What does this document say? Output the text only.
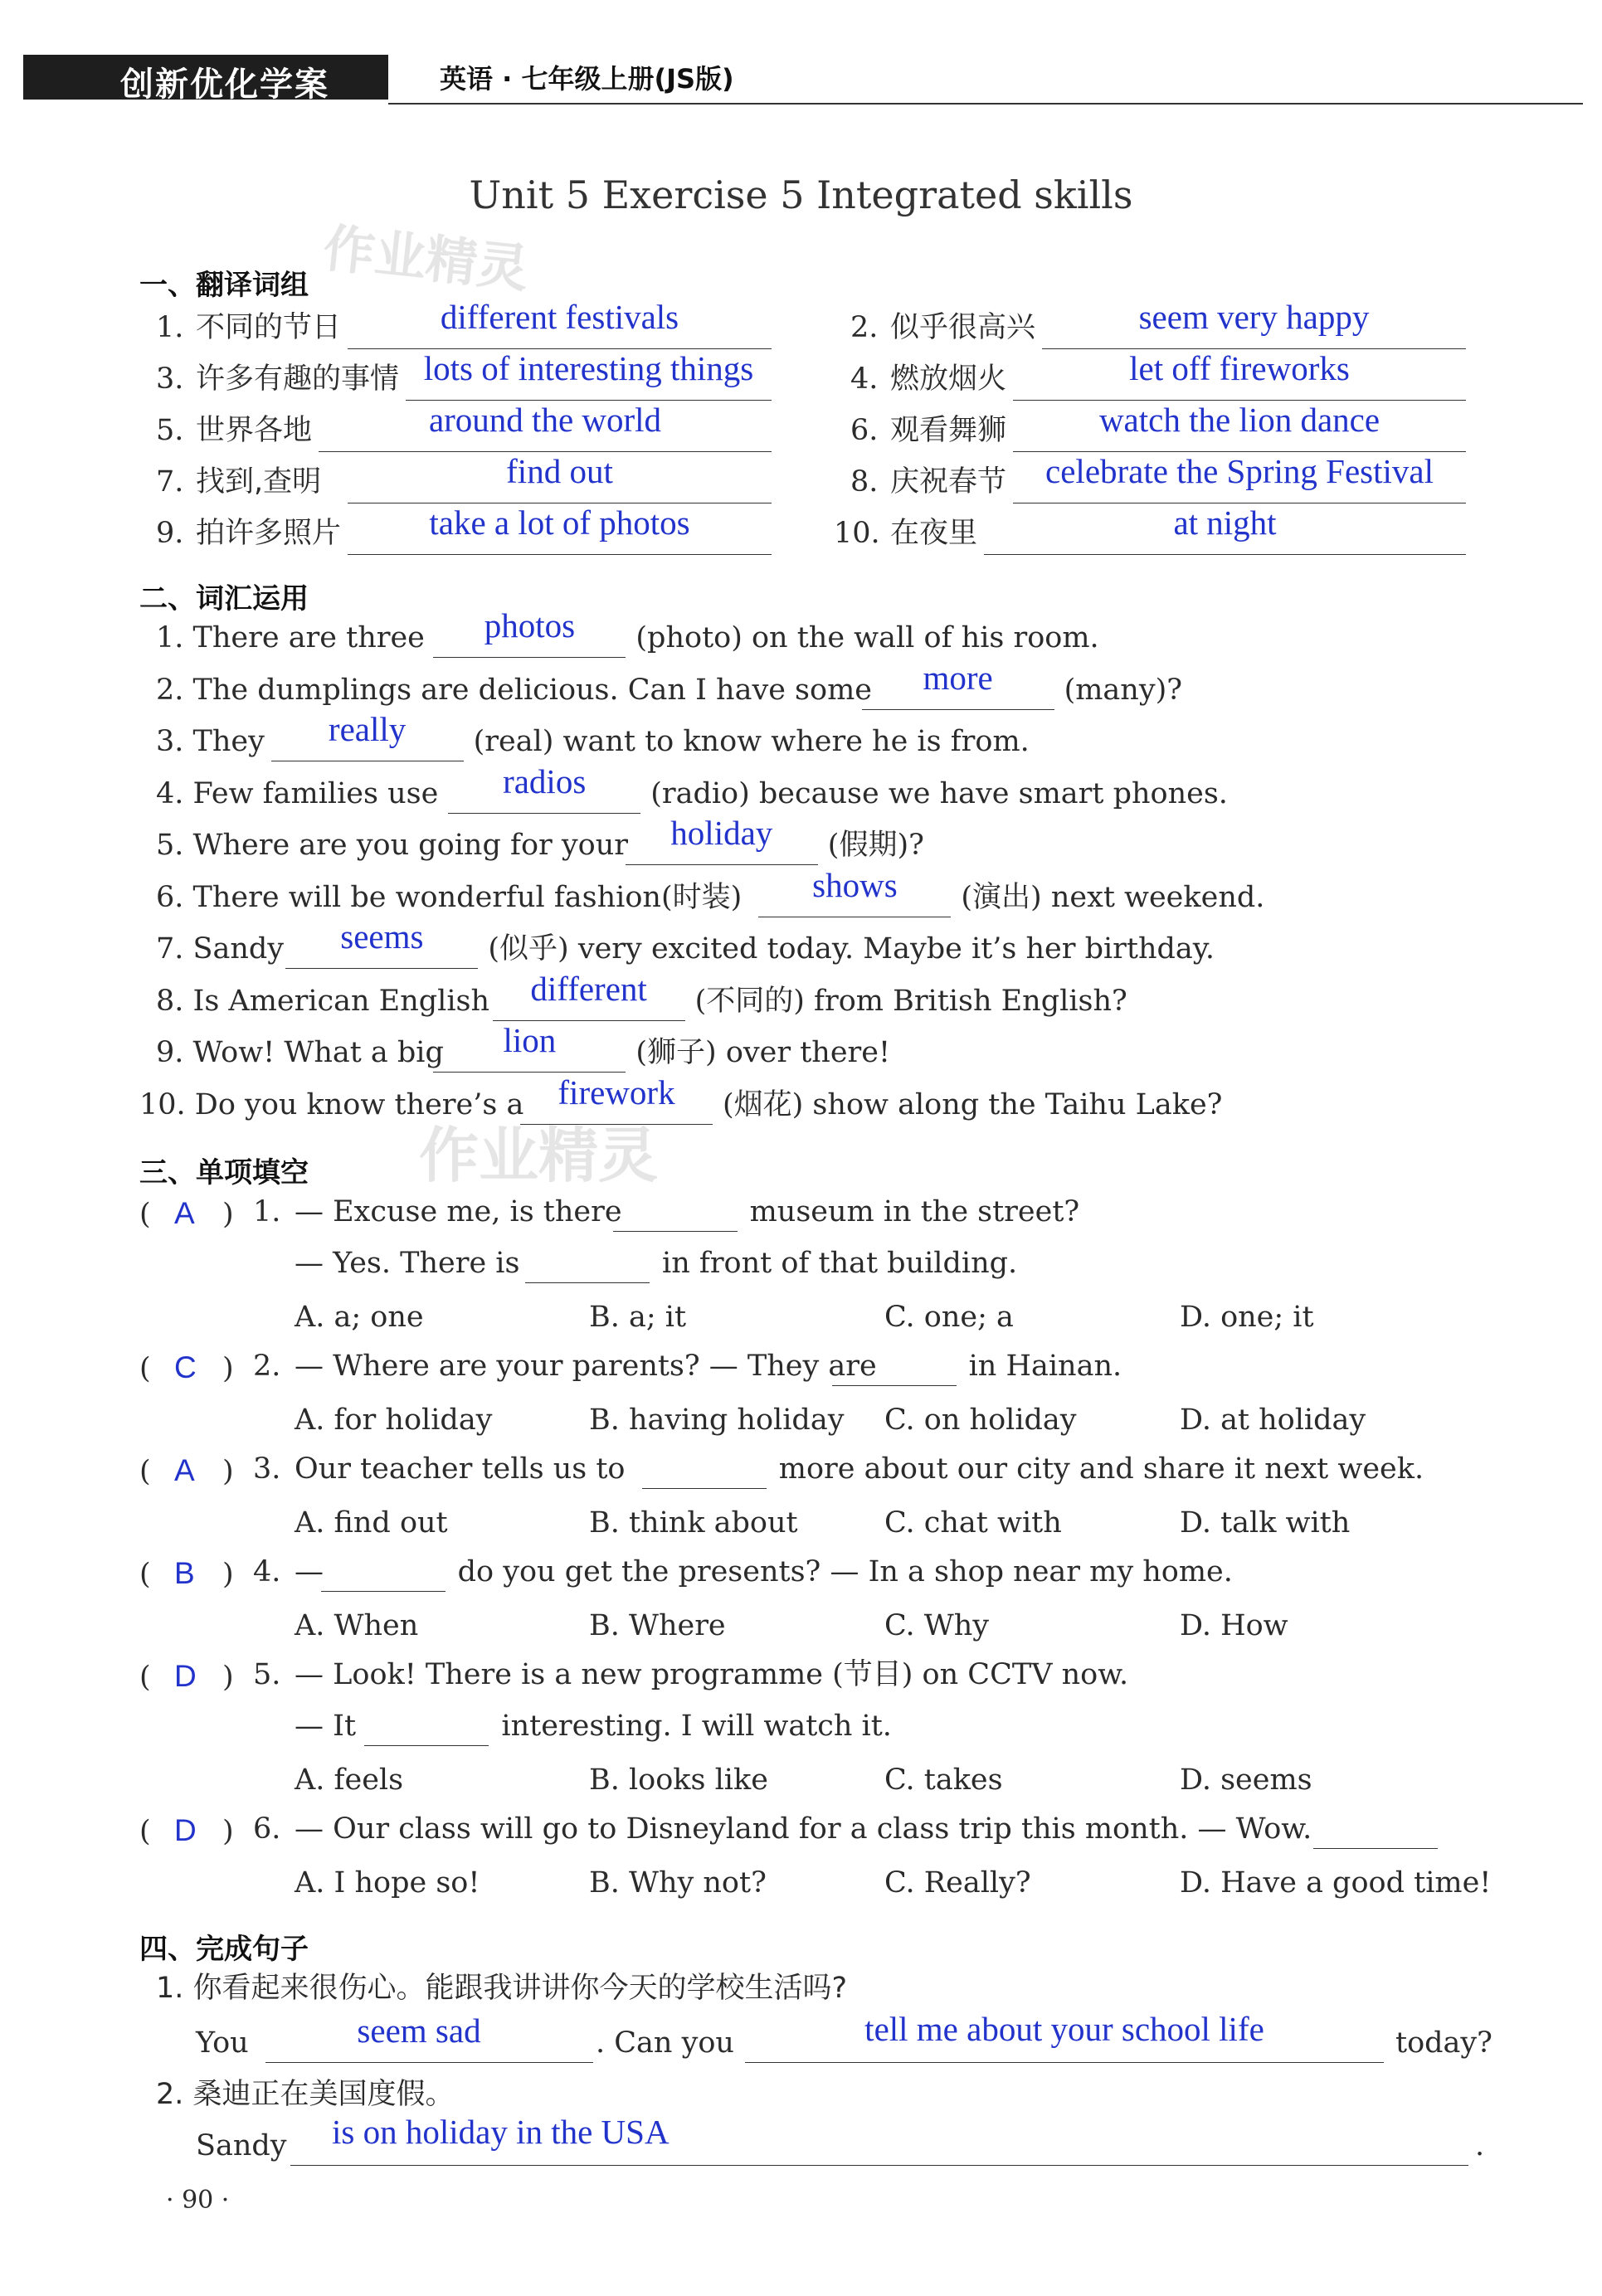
创新优化学案	英语 · 七年级上册(JS版)
Unit 5 Exercise 5 Integrated skills
作业精灵
作业精灵
一、翻译词组
1. 不同的节日	different festivals	2. 似乎很高兴	seem very happy
3. 许多有趣的事情 lots of interesting things	4. 燃放烟火	let off fireworks
5. 世界各地	around the world	6. 观看舞狮	watch the lion dance
7. 找到,查明	find out	8. 庆祝春节	celebrate the Spring Festival
9. 拍许多照片	take a lot of photos	10. 在夜里	at night
二、词汇运用
1. There are three	photos	(photo) on the wall of his room.
2. The dumplings are delicious. Can I have some	more	(many)?
3. They	really	(real) want to know where he is from.
4. Few families use	radios	(radio) because we have smart phones.
5. Where are you going for your	holiday	(假期)?
6. There will be wonderful fashion(时装)	shows	(演出) next weekend.
7. Sandy	seems	(似乎) very excited today. Maybe it’s her birthday.
8. Is American English	different	(不同的) from British English?
9. Wow! What a big	lion	(狮子) over there!
10. Do you know there’s a	firework	(烟花) show along the Taihu Lake?
三、单项填空
( A ) 1. — Excuse me, is there	museum in the street?
— Yes. There is	in front of that building.
A. a; one	B. a; it	C. one; a	D. one; it
( C ) 2. — Where are your parents? — They are	in Hainan.
A. for holiday	B. having holiday C. on holiday	D. at holiday
( A ) 3. Our teacher tells us to	more about our city and share it next week.
A. find out	B. think about	C. chat with	D. talk with
( B ) 4. —	do you get the presents? — In a shop near my home.
A. When	B. Where	C. Why	D. How
( D ) 5. — Look! There is a new programme (节目) on CCTV now.
— It	interesting. I will watch it.
A. feels	B. looks like	C. takes	D. seems
( D ) 6. — Our class will go to Disneyland for a class trip this month. — Wow.
A. I hope so!	B. Why not?	C. Really?	D. Have a good time!
四、完成句子
1. 你看起来很伤心。能跟我讲讲你今天的学校生活吗?
You	seem sad	. Can you	tell me about your school life	today?
2. 桑迪正在美国度假。
Sandy is on holiday in the USA	.
· 90 ·
